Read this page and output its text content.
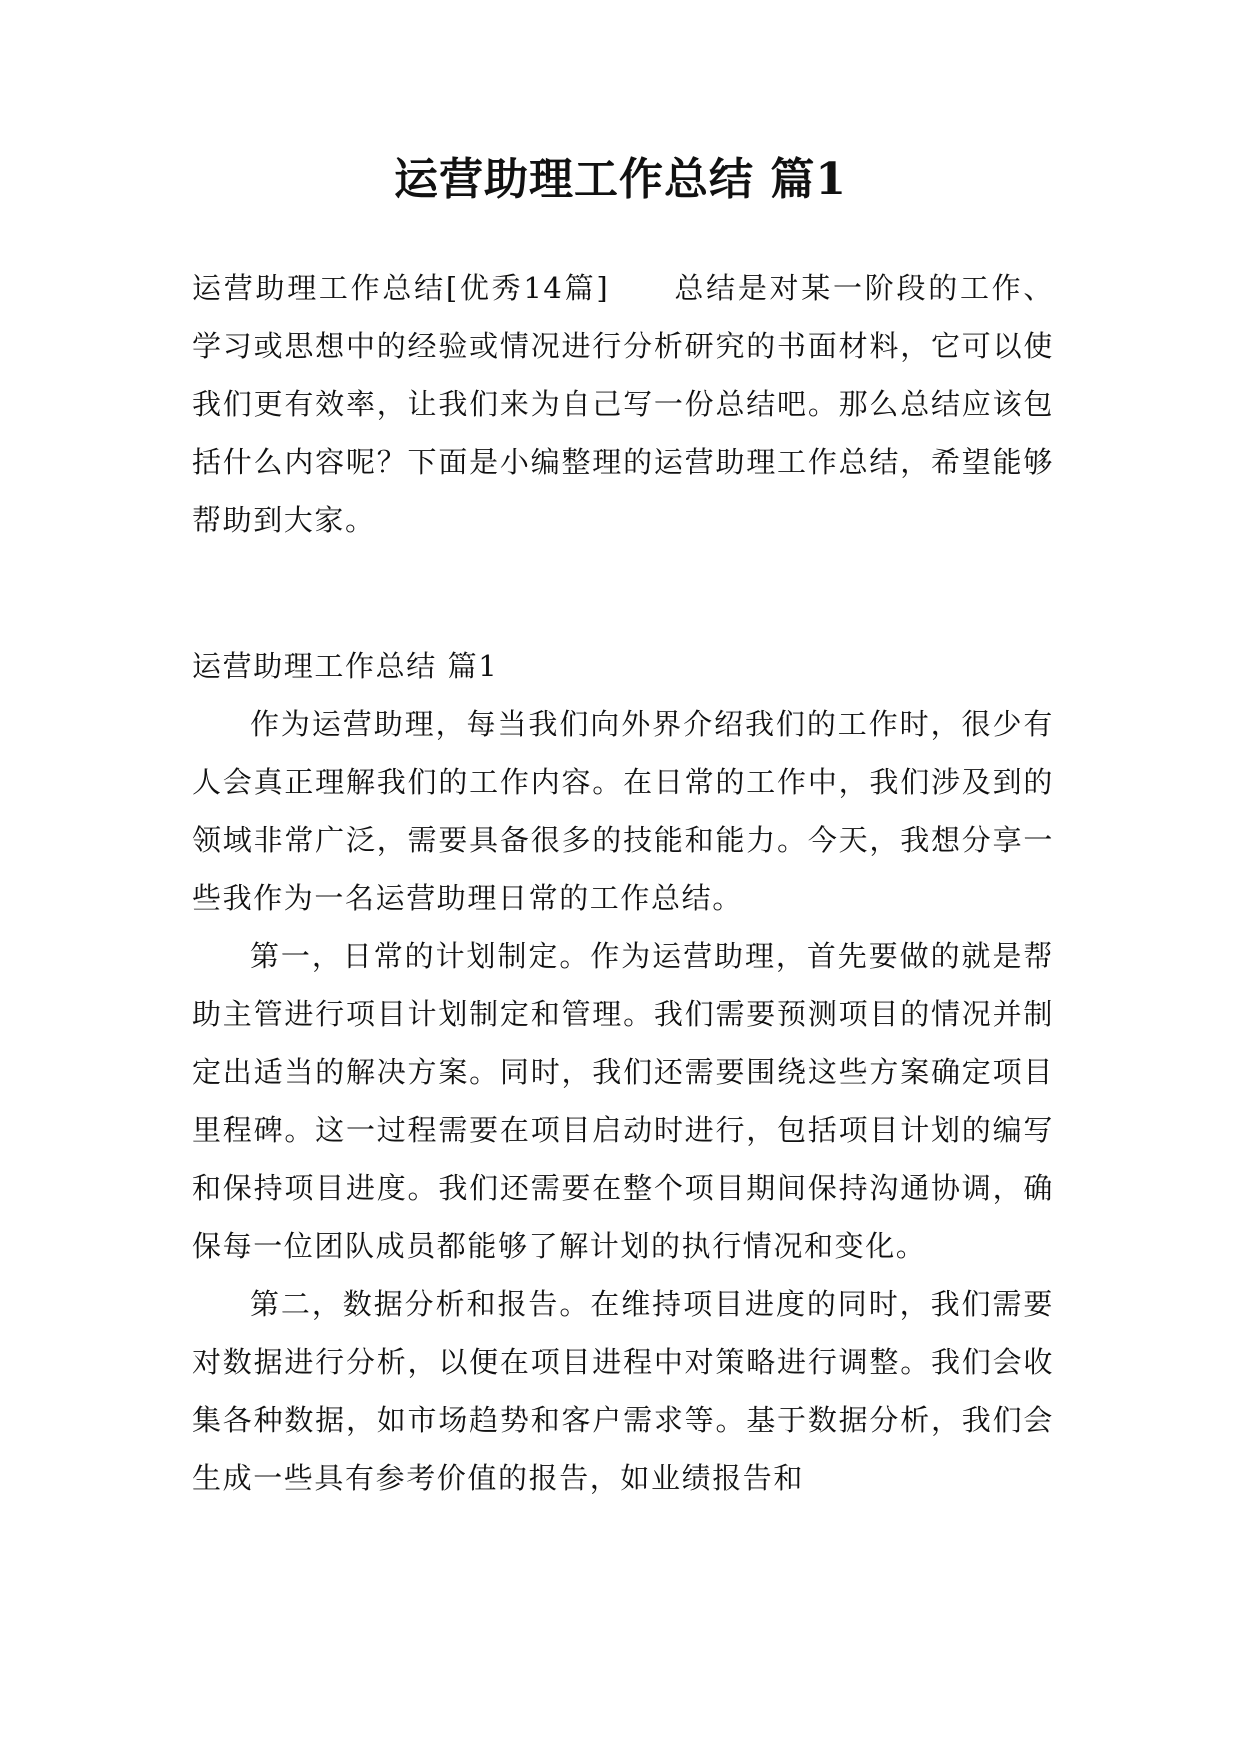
运营助理工作总结 篇1
运营助理工作总结[优秀14篇] 总结是对某一阶段的工作、学习或思想中的经验或情况进行分析研究的书面材料，它可以使我们更有效率，让我们来为自己写一份总结吧。那么总结应该包括什么内容呢？下面是小编整理的运营助理工作总结，希望能够帮助到大家。

运营助理工作总结 篇1

作为运营助理，每当我们向外界介绍我们的工作时，很少有人会真正理解我们的工作内容。在日常的工作中，我们涉及到的领域非常广泛，需要具备很多的技能和能力。今天，我想分享一些我作为一名运营助理日常的工作总结。

第一，日常的计划制定。作为运营助理，首先要做的就是帮助主管进行项目计划制定和管理。我们需要预测项目的情况并制定出适当的解决方案。同时，我们还需要围绕这些方案确定项目里程碑。这一过程需要在项目启动时进行，包括项目计划的编写和保持项目进度。我们还需要在整个项目期间保持沟通协调，确保每一位团队成员都能够了解计划的执行情况和变化。

第二，数据分析和报告。在维持项目进度的同时，我们需要对数据进行分析，以便在项目进程中对策略进行调整。我们会收集各种数据，如市场趋势和客户需求等。基于数据分析，我们会生成一些具有参考价值的报告，如业绩报告和
